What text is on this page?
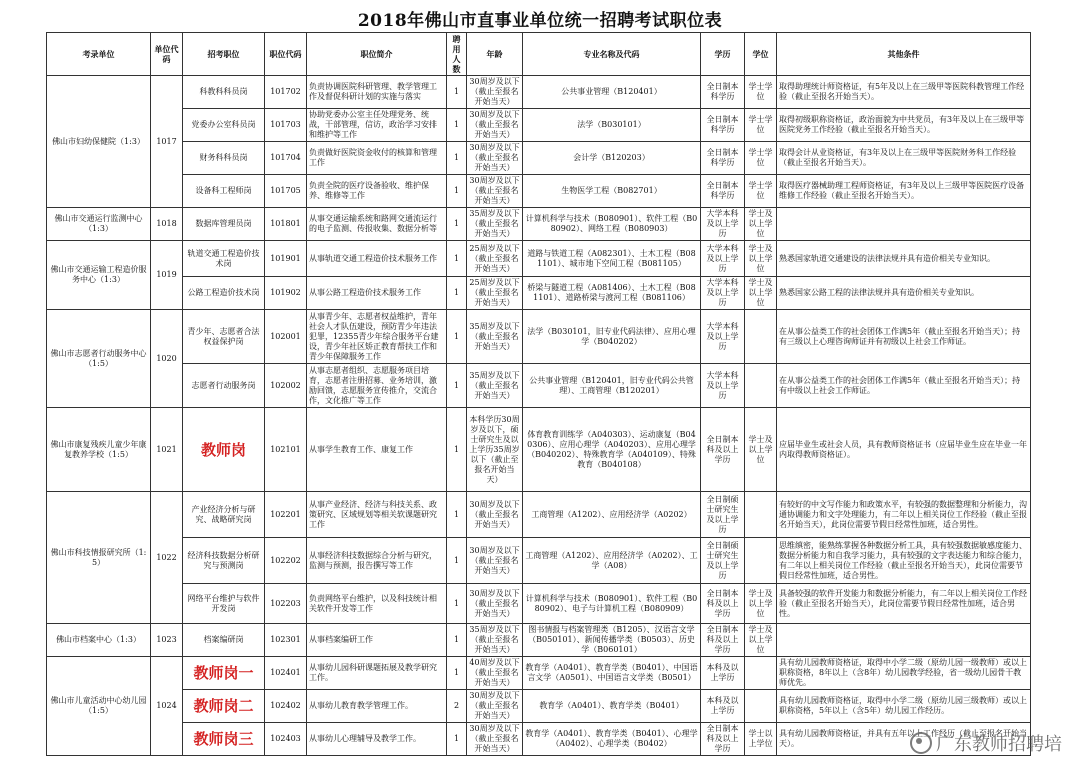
2018年佛山市直事业单位统一招聘考试职位表
考录单位	单位代码	招考职位	职位代码	职位简介	聘用人数	年龄	专业名称及代码	学历	学位	其他条件
佛山市妇幼保健院（1:3）	1017	科教科科员岗	101702	负责协调医院科研管理、教学管理工作及督促科研计划的实施与落实	1	30周岁及以下（截止至报名开始当天）	公共事业管理（B120401）	全日制本科学历	学士学位	取得助理统计师资格证，有5年及以上在三级甲等医院科教管理工作经验（截止至报名开始当天）。
		党委办公室科员岗	101703	协助党委办公室主任处理党务、统战，干部管理，信访，政治学习安排和维护等工作	1	30周岁及以下（截止至报名开始当天）	法学（B030101）	全日制本科学历	学士学位	取得初级职称资格证，政治面貌为中共党员，有3年及以上在三级甲等医院党务工作经验（截止至报名开始当天）。
		财务科科员岗	101704	负责做好医院资金收付的核算和管理工作	1	30周岁及以下（截止至报名开始当天）	会计学（B120203）	全日制本科学历	学士学位	取得会计从业资格证，有3年及以上在三级甲等医院财务科工作经验（截止至报名开始当天）。
		设备科工程师岗	101705	负责全院的医疗设备验收、维护保养、维修等工作	1	30周岁及以下（截止至报名开始当天）	生物医学工程（B082701）	全日制本科学历	学士学位	取得医疗器械助理工程师资格证，有3年及以上三级甲等医院医疗设备维修工作经验（截止至报名开始当天）。
佛山市交通运行监测中心（1:3）	1018	数据库管理员岗	101801	从事交通运输系统和路网交通流运行的电子监测、传报收集、数据分析等	1	35周岁及以下（截止至报名开始当天）	计算机科学与技术（B080901）、软件工程（B080902）、网络工程（B080903）	大学本科及以上学历	学士及以上学位	
佛山市交通运输工程造价服务中心（1:3）	1019	轨道交通工程造价技术岗	101901	从事轨道交通工程造价技术服务工作	1	25周岁及以下（截止至报名开始当天）	道路与铁道工程（A082301）、土木工程（B081101）、城市地下空间工程（B081105）	大学本科及以上学历	学士及以上学位	熟悉国家轨道交通建设的法律法规并具有造价相关专业知识。
		公路工程造价技术岗	101902	从事公路工程造价技术服务工作	1	25周岁及以下（截止至报名开始当天）	桥梁与隧道工程（A081406）、土木工程（B081101）、道路桥梁与渡河工程（B081106）	大学本科及以上学历	学士及以上学位	熟悉国家公路工程的法律法规并具有造价相关专业知识。
佛山市志愿者行动服务中心（1:5）	1020	青少年、志愿者合法权益保护岗	102001	从事青少年、志愿者权益维护，青年社会人才队伍建设，预防青少年违法犯罪，12355青少年综合服务平台建设，青少年社区矫正教育帮扶工作和青少年保障服务工作	1	35周岁及以下（截止至报名开始当天）	法学（B030101，旧专业代码法律）、应用心理学（B040202）	大学本科及以上学历		在从事公益类工作的社会团体工作满5年（截止至报名开始当天）；持有三级以上心理咨询师证并有初级以上社会工作师证。
		志愿者行动服务岗	102002	从事志愿者组织、志愿服务项目培育，志愿者注册招募、业务培训，激励回馈，志愿服务宣传推介，交流合作，文化推广等工作	1	35周岁及以下（截止至报名开始当天）	公共事业管理（B120401，旧专业代码公共管理）、工商管理（B120201）	大学本科及以上学历		在从事公益类工作的社会团体工作满5年（截止至报名开始当天）；持有中级以上社会工作师证。
佛山市康复残疾儿童少年康复教养学校（1:5）	1021	教师岗	102101	从事学生教育工作、康复工作	1	本科学历30周岁及以下，硕士研究生及以上学历35周岁以下（截止至报名开始当天）	体育教育训练学（A040303）、运动康复（B040306）、应用心理学（A040203）、应用心理学（B040202）、特殊教育学（A040109）、特殊教育（B040108）	全日制本科及以上学历	学士及以上学位	应届毕业生或社会人员，具有教师资格证书（应届毕业生应在毕业一年内取得教师资格证）。
佛山市科技情报研究所（1:5）	1022	产业经济分析与研究、战略研究岗	102201	从事产业经济、经济与科技关系、政策研究、区域规划等相关软课题研究工作	1	30周岁及以下（截止至报名开始当天）	工商管理（A1202）、应用经济学（A0202）	全日制硕士研究生及以上学历		有较好的中文写作能力和政策水平，有较强的数据整理和分析能力，沟通协调能力和文字处理能力，有二年以上相关岗位工作经验（截止至报名开始当天），此岗位需要节假日经常性加班，适合男性。
		经济科技数据分析研究与预测岗	102202	从事经济科技数据综合分析与研究，监测与预测，报告撰写等工作	1	30周岁及以下（截止至报名开始当天）	工商管理（A1202）、应用经济学（A0202）、工学（A08）	全日制硕士研究生及以上学历		思维缜密，能熟练掌握各种数据分析工具，具有较强数据敏感度能力、数据分析能力和自我学习能力，具有较强的文字表达能力和综合能力，有二年以上相关岗位工作经验（截止至报名开始当天），此岗位需要节假日经常性加班，适合男性。
		网络平台维护与软件开发岗	102203	负责网络平台维护，以及科技统计相关软件开发等工作	1	30周岁及以下（截止至报名开始当天）	计算机科学与技术（B080901）、软件工程（B080902）、电子与计算机工程（B080909）	全日制本科及以上学历	学士及以上学位	具备较强的软件开发能力和数据分析能力，有二年以上相关岗位工作经验（截止至报名开始当天），此岗位需要节假日经常性加班，适合男性。
佛山市档案中心（1:3）	1023	档案编研岗	102301	从事档案编研工作	1	35周岁及以下（截止至报名开始当天）	图书情报与档案管理类（B1205）、汉语言文学（B050101）、新闻传播学类（B0503）、历史学（B060101）	全日制本科及以上学历	学士及以上学位	
佛山市儿童活动中心幼儿园（1:5）	1024	教师岗一	102401	从事幼儿园科研课题拓展及教学研究工作。	1	40周岁及以下（截止至报名开始当天）	教育学（A0401）、教育学类（B0401）、中国语言文学（A0501）、中国语言文学类（B0501）	本科及以上学历		具有幼儿园教师资格证，取得中小学二级（原幼儿园一级教师）或以上职称资格，8年以上（含8年）幼儿园教学经验，省一级幼儿园骨干教师优先。
		教师岗二	102402	从事幼儿教育教学管理工作。	2	30周岁及以下（截止至报名开始当天）	教育学（A0401）、教育学类（B0401）	本科及以上学历		具有幼儿园教师资格证，取得中小学二级（原幼儿园三级教师）或以上职称资格，5年以上（含5年）幼儿园工作经历。
		教师岗三	102403	从事幼儿心理辅导及教学工作。	1	30周岁及以下（截止至报名开始当天）	教育学（A0401）、教育学类（B0401）、心理学（A0402）、心理学类（B0402）	全日制本科及以上学历	学士以上学位	具有幼儿园教师资格证，并具有五年以上工作经历（截止至报名开始当天）。	广东教师招聘培
